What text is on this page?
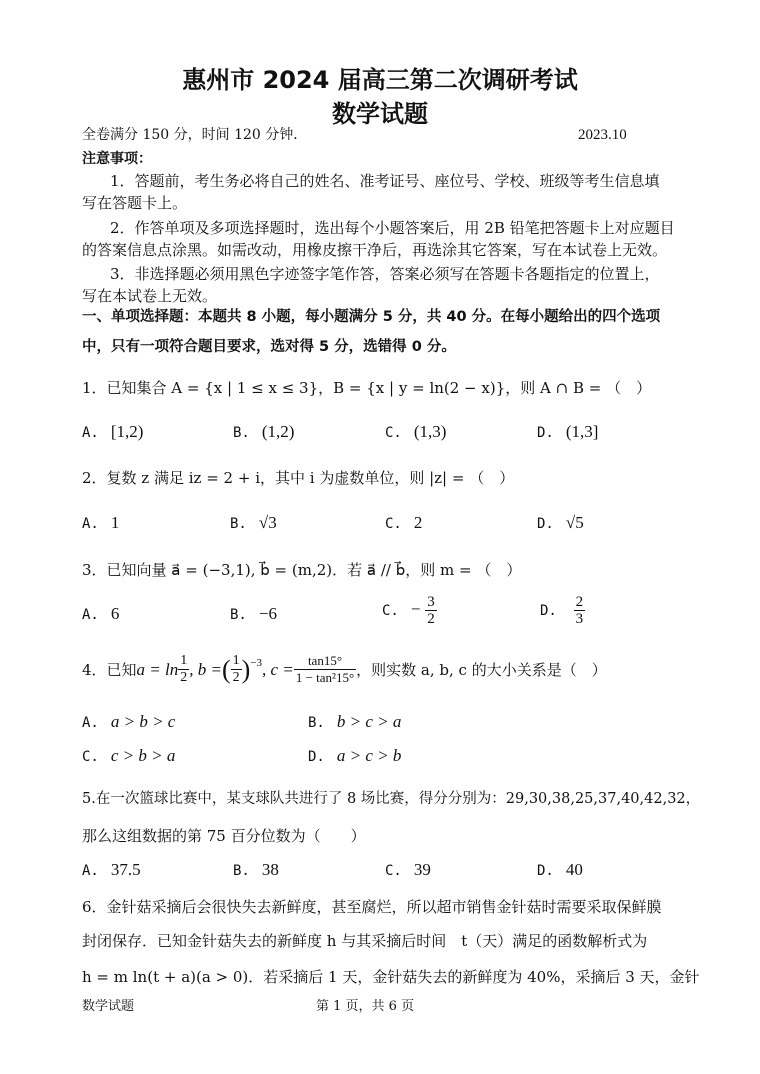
惠州市 2024 届高三第二次调研考试
数学试题
全卷满分 150 分，时间 120 分钟．	2023.10
注意事项：
1．答题前，考生务必将自己的姓名、准考证号、座位号、学校、班级等考生信息填
写在答题卡上。
2．作答单项及多项选择题时，选出每个小题答案后，用 2B 铅笔把答题卡上对应题目
的答案信息点涂黑。如需改动，用橡皮擦干净后，再选涂其它答案，写在本试卷上无效。
3．非选择题必须用黑色字迹签字笔作答，答案必须写在答题卡各题指定的位置上，
写在本试卷上无效。
一、单项选择题：本题共 8 小题，每小题满分 5 分，共 40 分。在每小题给出的四个选项
中，只有一项符合题目要求，选对得 5 分，选错得 0 分。
1．已知集合 A = {x | 1 ≤ x ≤ 3}，B = {x | y = ln(2 − x)}，则 A ∩ B = （　）
A. [1,2)	B. (1,2)	C. (1,3)	D. (1,3]
2．复数 z 满足 iz = 2 + i，其中 i 为虚数单位，则 |z| = （　）
A. 1	B. √3	C. 2	D. √5
3．已知向量 a⃗ = (−3,1), b⃗ = (m,2)．若 a⃗ // b⃗，则 m = （　）
A. 6	B. −6	C. − $\frac{3}{2}$	D. $\frac{2}{3}$
4．已知 $a = \ln \frac{1}{2}$ , b = ( $\frac{1}{2} )^{-3}$ , $c = \frac{\tan 15^\circ}{\text{1 − tan²15°}}$ ，则实数 a, b, c 的大小关系是（　）
A. a > b > c	B. b > c > a
C. c > b > a	D. a > c > b
5.在一次篮球比赛中，某支球队共进行了 8 场比赛，得分分别为：29,30,38,25,37,40,42,32，
那么这组数据的第 75 百分位数为（　　）
A. 37.5	B. 38	C. 39	D. 40
6．金针菇采摘后会很快失去新鲜度，甚至腐烂，所以超市销售金针菇时需要采取保鲜膜
封闭保存．已知金针菇失去的新鲜度 h 与其采摘后时间　t（天）满足的函数解析式为
h = m ln(t + a)(a > 0)．若采摘后 1 天，金针菇失去的新鲜度为 40%，采摘后 3 天，金针
数学试题	第 1 页，共 6 页
